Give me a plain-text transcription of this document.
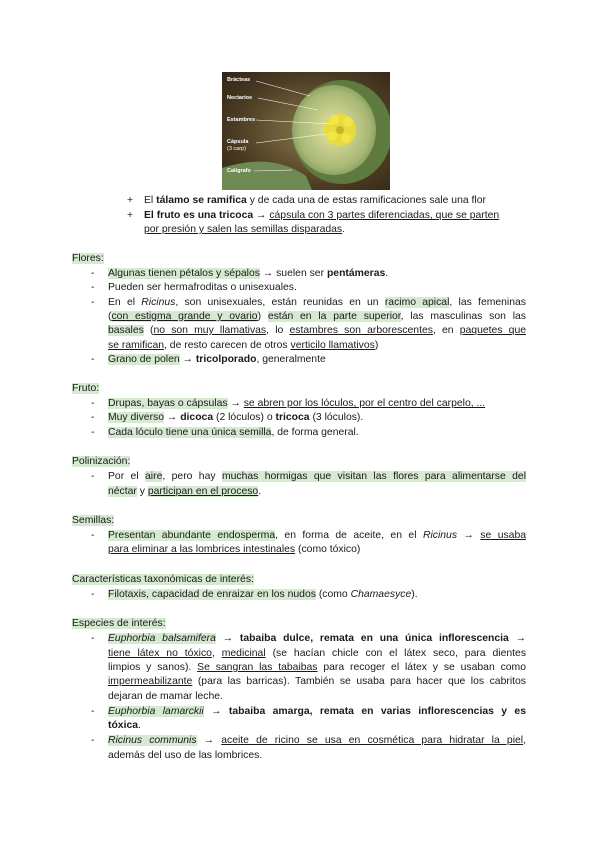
Brácteas
Nectarios
Estambres
Cápsula
(3 carp)
Calígrafo
+ El tálamo se ramifica y de cada una de estas ramificaciones sale una flor
+ El fruto es una tricoca → cápsula con 3 partes diferenciadas, que se parten
por presión y salen las semillas disparadas.
Flores:
- Algunas tienen pétalos y sépalos → suelen ser pentámeras.
- Pueden ser hermafroditas o unisexuales.
- En el Ricinus, son unisexuales, están reunidas en un racimo apical, las femeninas
(con estigma grande y ovario) están en la parte superior, las masculinas son las
basales (no son muy llamativas, lo estambres son arborescentes, en paquetes que
se ramifican, de resto carecen de otros verticilo llamativos)
- Grano de polen → tricolporado, generalmente
Fruto:
- Drupas, bayas o cápsulas → se abren por los lóculos, por el centro del carpelo, ...
- Muy diverso → dicoca (2 lóculos) o tricoca (3 lóculos).
- Cada lóculo tiene una única semilla, de forma general.
Polinización:
- Por el aire, pero hay muchas hormigas que visitan las flores para alimentarse del
néctar y participan en el proceso.
Semillas:
- Presentan abundante endosperma, en forma de aceite, en el Ricinus → se usaba
para eliminar a las lombrices intestinales (como tóxico)
Características taxonómicas de interés:
- Filotaxis, capacidad de enraizar en los nudos (como Chamaesyce).
Especies de interés:
- Euphorbia balsamifera → tabaiba dulce, remata en una única inflorescencia →
tiene látex no tóxico, medicinal (se hacían chicle con el látex seco, para dientes
limpios y sanos). Se sangran las tabaibas para recoger el látex y se usaban como
impermeabilizante (para las barricas). También se usaba para hacer que los cabritos
dejaran de mamar leche.
- Euphorbia lamarckii → tabaiba amarga, remata en varias inflorescencias y es
tóxica.
- Ricinus communis → aceite de ricino se usa en cosmética para hidratar la piel,
además del uso de las lombrices.
